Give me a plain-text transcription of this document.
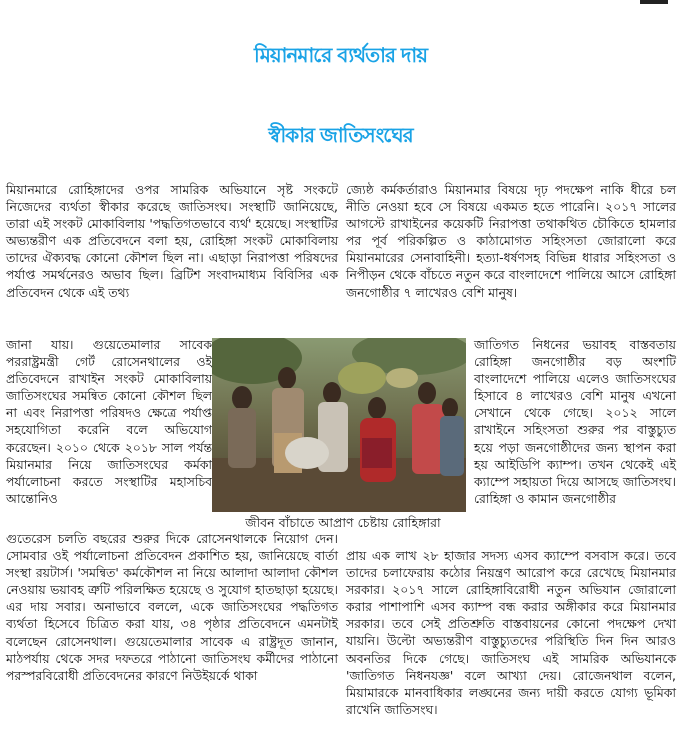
মিয়ানমারে ব্যর্থতার দায়
স্বীকার জাতিসংঘের

মিয়ানমারে রোহিঙ্গাদের ওপর সামরিক অভিযানে সৃষ্ট সংকটে নিজেদের ব্যর্থতা স্বীকার করেছে জাতিসংঘ। সংস্থাটি জানিয়েছে, তারা এই সংকট মোকাবিলায় 'পদ্ধতিগতভাবে ব্যর্থ' হয়েছে। সংস্থাটির অভ্যন্তরীণ এক প্রতিবেদনে বলা হয়, রোহিঙ্গা সংকট মোকাবিলায় তাদের ঐক্যবদ্ধ কোনো কৌশল ছিল না। এছাড়া নিরাপত্তা পরিষদের পর্যাপ্ত সমর্থনেরও অভাব ছিল। ব্রিটিশ সংবাদমাধ্যম বিবিসির এক প্রতিবেদন থেকে এই তথ্য

জানা যায়। গুয়েতেমালার সাবেক পররাষ্ট্রমন্ত্রী গের্ট রোসেনথালের ওই প্রতিবেদনে রাখাইন সংকট মোকাবিলায় জাতিসংঘের সমন্বিত কোনো কৌশল ছিল না এবং নিরাপত্তা পরিষদও ক্ষেত্রে পর্যাপ্ত সহযোগিতা করেনি বলে অভিযোগ করেছেন। ২০১০ থেকে ২০১৮ সাল পর্যন্ত মিয়ানমার নিয়ে জাতিসংঘের কর্মকা পর্যালোচনা করতে সংস্থাটির মহাসচিব আন্তোনিও

জীবন বাঁচাতে আপ্রাণ চেষ্টায় রোহিঙ্গারা

গুতেরেস চলতি বছরের শুরুর দিকে রোসেনথালকে নিয়োগ দেন। সোমবার ওই পর্যালোচনা প্রতিবেদন প্রকাশিত হয়, জানিয়েছে বার্তা সংস্থা রয়টার্স। 'সমন্বিত' কর্মকৌশল না নিয়ে আলাদা আলাদা কৌশল নেওয়ায় ভয়াবহ ত্রুটি পরিলক্ষিত হয়েছে ও সুযোগ হাতছাড়া হয়েছে। এর দায় সবার। অনাভাবে বললে, একে জাতিসংঘের পদ্ধতিগত ব্যর্থতা হিসেবে চিত্রিত করা যায়, ৩৪ পৃষ্ঠার প্রতিবেদনে এমনটাই বলেছেন রোসেনথাল। গুয়েতেমালার সাবেক এ রাষ্ট্রদূত জানান, মাঠপর্যায় থেকে সদর দফতরে পাঠানো জাতিসংঘ কর্মীদের পাঠানো পরস্পরবিরোধী প্রতিবেদনের কারণে নিউইয়র্কে থাকা

জ্যেষ্ঠ কর্মকর্তারাও মিয়ানমার বিষয়ে দৃঢ় পদক্ষেপ নাকি ধীরে চল নীতি নেওয়া হবে সে বিষয়ে একমত হতে পারেনি। ২০১৭ সালের আগস্টে রাখাইনের কয়েকটি নিরাপত্তা তথাকথিত চৌকিতে হামলার পর পূর্ব পরিকল্পিত ও কাঠামোগত সহিংসতা জোরালো করে মিয়ানমারের সেনাবাহিনী। হত্যা-ধর্ষণসহ বিভিন্ন ধারার সহিংসতা ও নিপীড়ন থেকে বাঁচতে নতুন করে বাংলাদেশে পালিয়ে আসে রোহিঙ্গা জনগোষ্ঠীর ৭ লাখেরও বেশি মানুষ।

জাতিগত নিধনের ভয়াবহ বাস্তবতায় রোহিঙ্গা জনগোষ্ঠীর বড় অংশটি বাংলাদেশে পালিয়ে এলেও জাতিসংঘের হিসাবে ৪ লাখেরও বেশি মানুষ এখনো সেখানে থেকে গেছে। ২০১২ সালে রাখাইনে সহিংসতা শুরুর পর বাস্তুচ্যুত হয়ে পড়া জনগোষ্ঠীদের জন্য স্থাপন করা হয় আইডিপি ক্যাম্প। তখন থেকেই এই ক্যাম্পে সহায়তা দিয়ে আসছে জাতিসংঘ। রোহিঙ্গা ও কামান জনগোষ্ঠীর

প্রায় এক লাখ ২৮ হাজার সদস্য এসব ক্যাম্পে বসবাস করে। তবে তাদের চলাফেরায় কঠোর নিয়ন্ত্রণ আরোপ করে রেখেছে মিয়ানমার সরকার। ২০১৭ সালে রোহিঙ্গাবিরোধী নতুন অভিযান জোরালো করার পাশাপাশি এসব ক্যাম্প বন্ধ করার অঙ্গীকার করে মিয়ানমার সরকার। তবে সেই প্রতিশ্রুতি বাস্তবায়নের কোনো পদক্ষেপ দেখা যায়নি। উল্টো অভ্যন্তরীণ বাস্তুচ্যুতদের পরিস্থিতি দিন দিন আরও অবনতির দিকে গেছে। জাতিসংঘ এই সামরিক অভিযানকে 'জাতিগত নিধনযজ্ঞ' বলে আখ্যা দেয়। রোজেনথাল বলেন, মিয়ামারকে মানবাধিকার লঙ্ঘনের জন্য দায়ী করতে যোগ্য ভূমিকা রাখেনি জাতিসংঘ।
